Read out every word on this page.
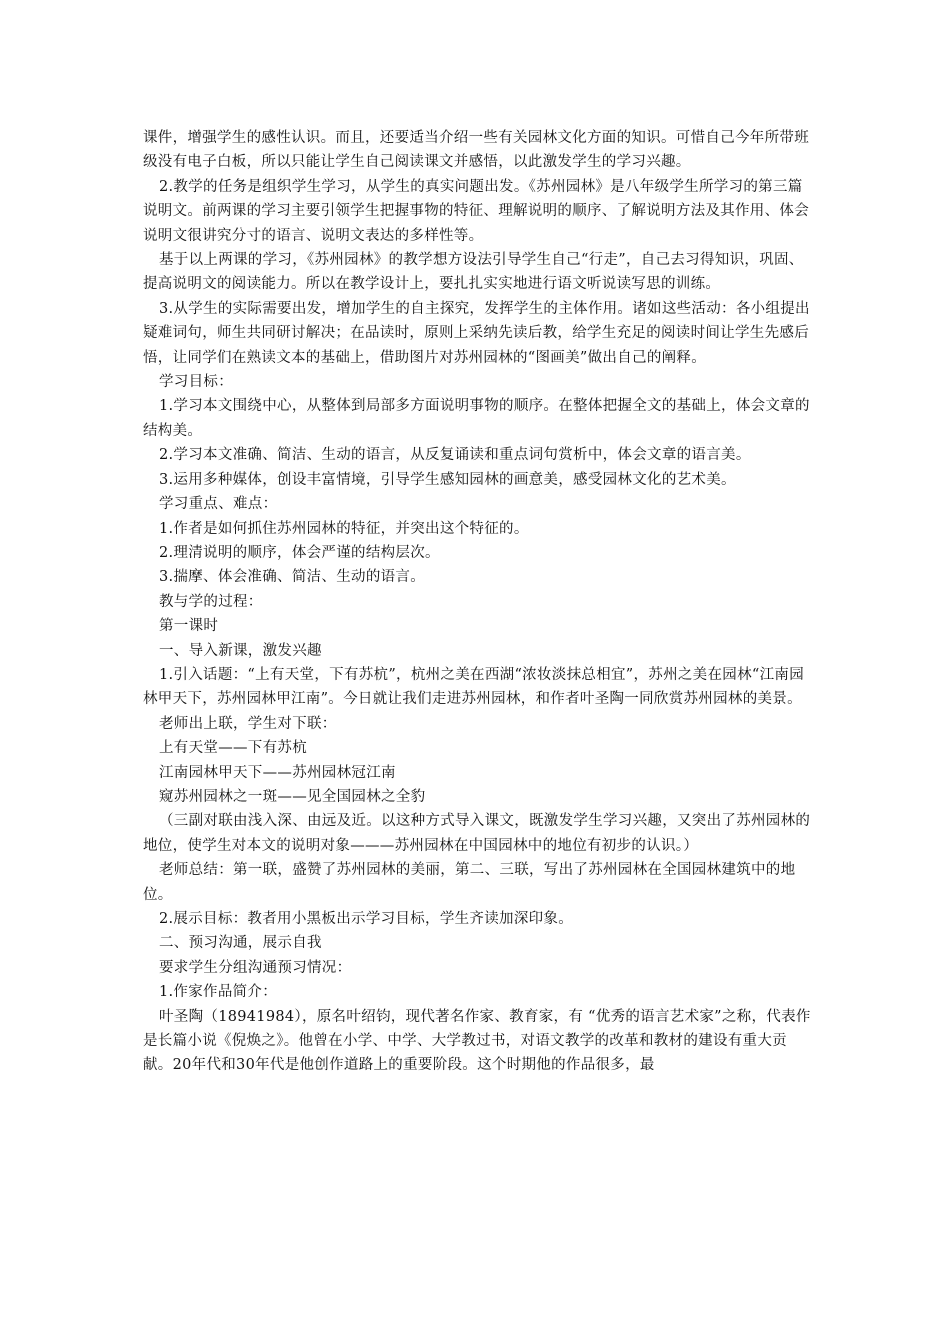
课件，增强学生的感性认识。而且，还要适当介绍一些有关园林文化方面的知识。可惜自己今年所带班级没有电子白板，所以只能让学生自己阅读课文并感悟，以此激发学生的学习兴趣。

2.教学的任务是组织学生学习，从学生的真实问题出发。《苏州园林》是八年级学生所学习的第三篇说明文。前两课的学习主要引领学生把握事物的特征、理解说明的顺序、了解说明方法及其作用、体会说明文很讲究分寸的语言、说明文表达的多样性等。

基于以上两课的学习，《苏州园林》的教学想方设法引导学生自己“行走”，自己去习得知识，巩固、提高说明文的阅读能力。所以在教学设计上，要扎扎实实地进行语文听说读写思的训练。

3.从学生的实际需要出发，增加学生的自主探究，发挥学生的主体作用。诸如这些活动：各小组提出疑难词句，师生共同研讨解决；在品读时，原则上采纳先读后教，给学生充足的阅读时间让学生先感后悟，让同学们在熟读文本的基础上，借助图片对苏州园林的“图画美”做出自己的阐释。

学习目标：

1.学习本文围绕中心，从整体到局部多方面说明事物的顺序。在整体把握全文的基础上，体会文章的结构美。

2.学习本文准确、简洁、生动的语言，从反复诵读和重点词句赏析中，体会文章的语言美。

3.运用多种媒体，创设丰富情境，引导学生感知园林的画意美，感受园林文化的艺术美。

学习重点、难点：

1.作者是如何抓住苏州园林的特征，并突出这个特征的。

2.理清说明的顺序，体会严谨的结构层次。

3.揣摩、体会准确、简洁、生动的语言。

教与学的过程：

第一课时

一、导入新课，激发兴趣

1.引入话题：“上有天堂，下有苏杭”，杭州之美在西湖“浓妆淡抹总相宜”，苏州之美在园林“江南园林甲天下，苏州园林甲江南”。今日就让我们走进苏州园林，和作者叶圣陶一同欣赏苏州园林的美景。

老师出上联，学生对下联：

上有天堂——下有苏杭

江南园林甲天下——苏州园林冠江南

窥苏州园林之一斑——见全国园林之全豹

（三副对联由浅入深、由远及近。以这种方式导入课文，既激发学生学习兴趣，又突出了苏州园林的地位，使学生对本文的说明对象———苏州园林在中国园林中的地位有初步的认识。）

老师总结：第一联，盛赞了苏州园林的美丽，第二、三联，写出了苏州园林在全国园林建筑中的地位。

2.展示目标：教者用小黑板出示学习目标，学生齐读加深印象。

二、预习沟通，展示自我

要求学生分组沟通预习情况：

1.作家作品简介：

叶圣陶（18941984），原名叶绍钧，现代著名作家、教育家，有 “优秀的语言艺术家”之称，代表作是长篇小说《倪焕之》。他曾在小学、中学、大学教过书，对语文教学的改革和教材的建设有重大贡献。20年代和30年代是他创作道路上的重要阶段。这个时期他的作品很多，最
